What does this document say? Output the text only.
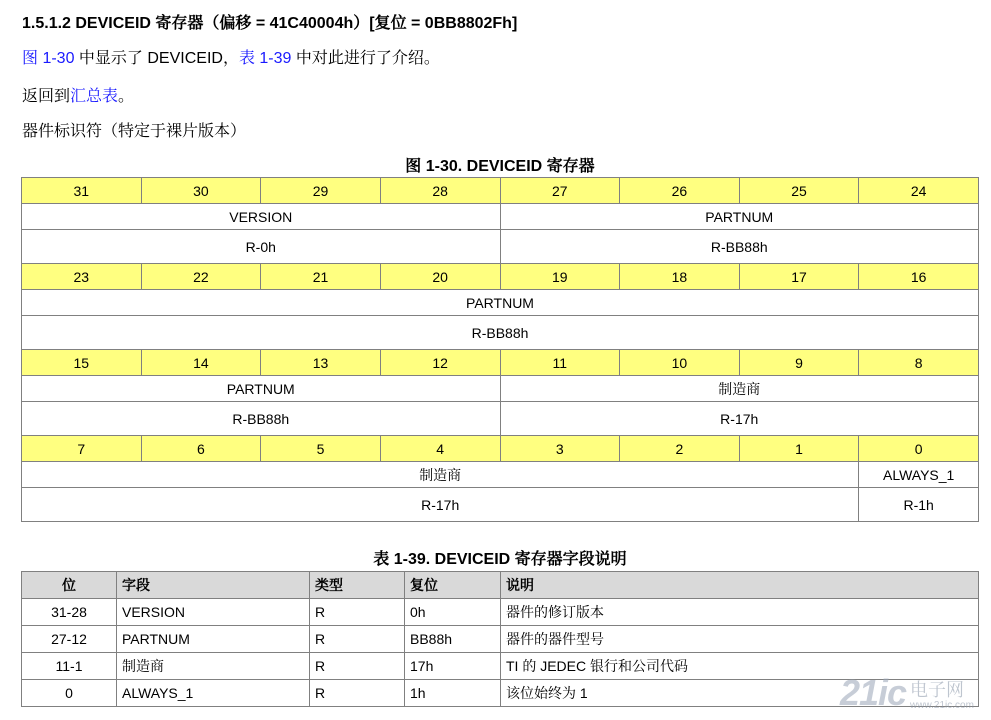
1.5.1.2 DEVICEID 寄存器（偏移 = 41C40004h）[复位 = 0BB8802Fh]
图 1-30 中显示了 DEVICEID，表 1-39 中对此进行了介绍。
返回到汇总表。
器件标识符（特定于裸片版本）
图 1-30. DEVICEID 寄存器
31	30	29	28	27	26	25	24
VERSION				PARTNUM			
R-0h				R-BB88h			
23	22	21	20	19	18	17	16
PARTNUM							
R-BB88h							
15	14	13	12	11	10	9	8
PARTNUM				制造商			
R-BB88h				R-17h			
7	6	5	4	3	2	1	0
制造商							ALWAYS_1
R-17h							R-1h
表 1-39. DEVICEID 寄存器字段说明
位	字段	类型	复位	说明
31-28	VERSION	R	0h	器件的修订版本
27-12	PARTNUM	R	BB88h	器件的器件型号
11-1	制造商	R	17h	TI 的 JEDEC 银行和公司代码
0	ALWAYS_1	R	1h	该位始终为 1	21ic 电子网
www.21ic.com
